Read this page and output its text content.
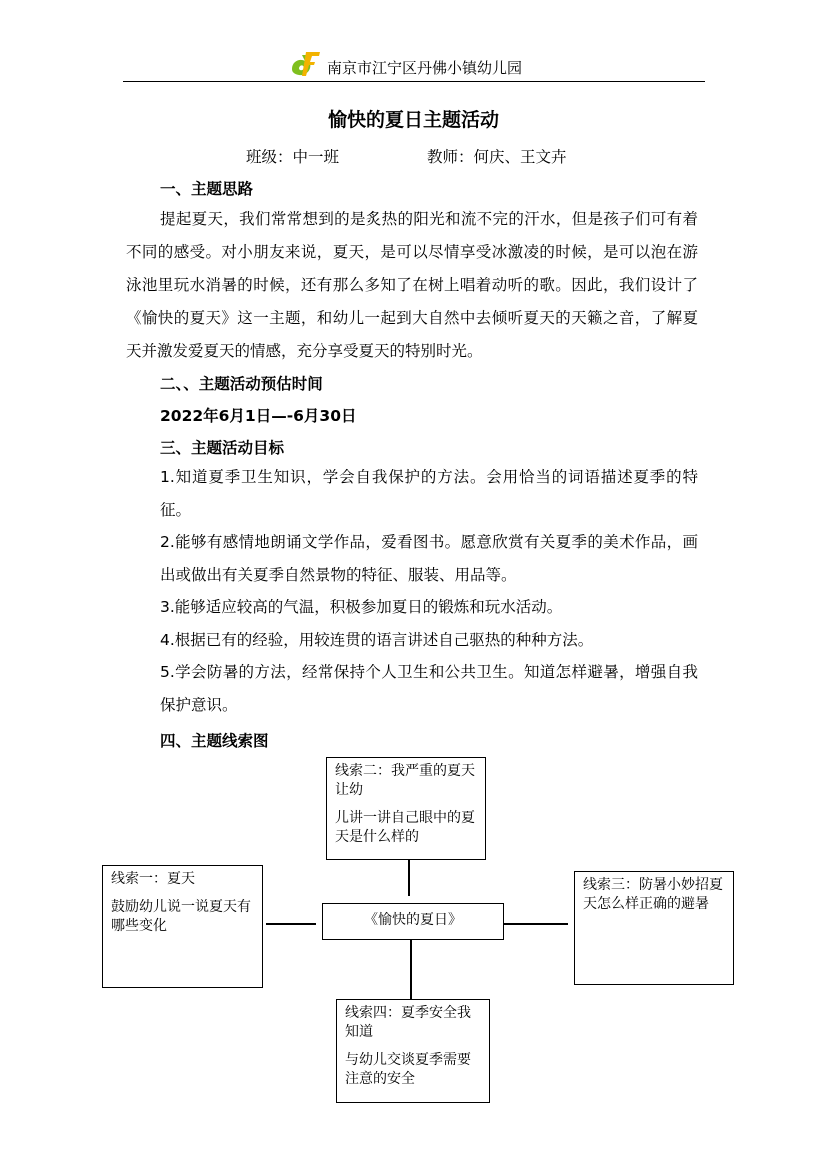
南京市江宁区丹佛小镇幼儿园
愉快的夏日主题活动
班级：中一班	教师：何庆、王文卉
一、主题思路
提起夏天，我们常常想到的是炙热的阳光和流不完的汗水，但是孩子们可有着不同的感受。对小朋友来说，夏天，是可以尽情享受冰激凌的时候，是可以泡在游泳池里玩水消暑的时候，还有那么多知了在树上唱着动听的歌。因此，我们设计了《愉快的夏天》这一主题，和幼儿一起到大自然中去倾听夏天的天籁之音，了解夏天并激发爱夏天的情感，充分享受夏天的特别时光。
二、、主题活动预估时间
2022年6月1日—-6月30日
三、主题活动目标
1.知道夏季卫生知识，学会自我保护的方法。会用恰当的词语描述夏季的特征。
2.能够有感情地朗诵文学作品，爱看图书。愿意欣赏有关夏季的美术作品，画出或做出有关夏季自然景物的特征、服装、用品等。
3.能够适应较高的气温，积极参加夏日的锻炼和玩水活动。
4.根据已有的经验，用较连贯的语言讲述自己驱热的种种方法。
5.学会防暑的方法，经常保持个人卫生和公共卫生。知道怎样避暑，增强自我保护意识。
四、主题线索图
《愉快的夏日》

线索二：我严重的夏天让幼

儿讲一讲自己眼中的夏天是什么样的

线索一：夏天

鼓励幼儿说一说夏天有哪些变化

线索三：防暑小妙招夏天怎么样正确的避暑

线索四：夏季安全我知道

与幼儿交谈夏季需要注意的安全
